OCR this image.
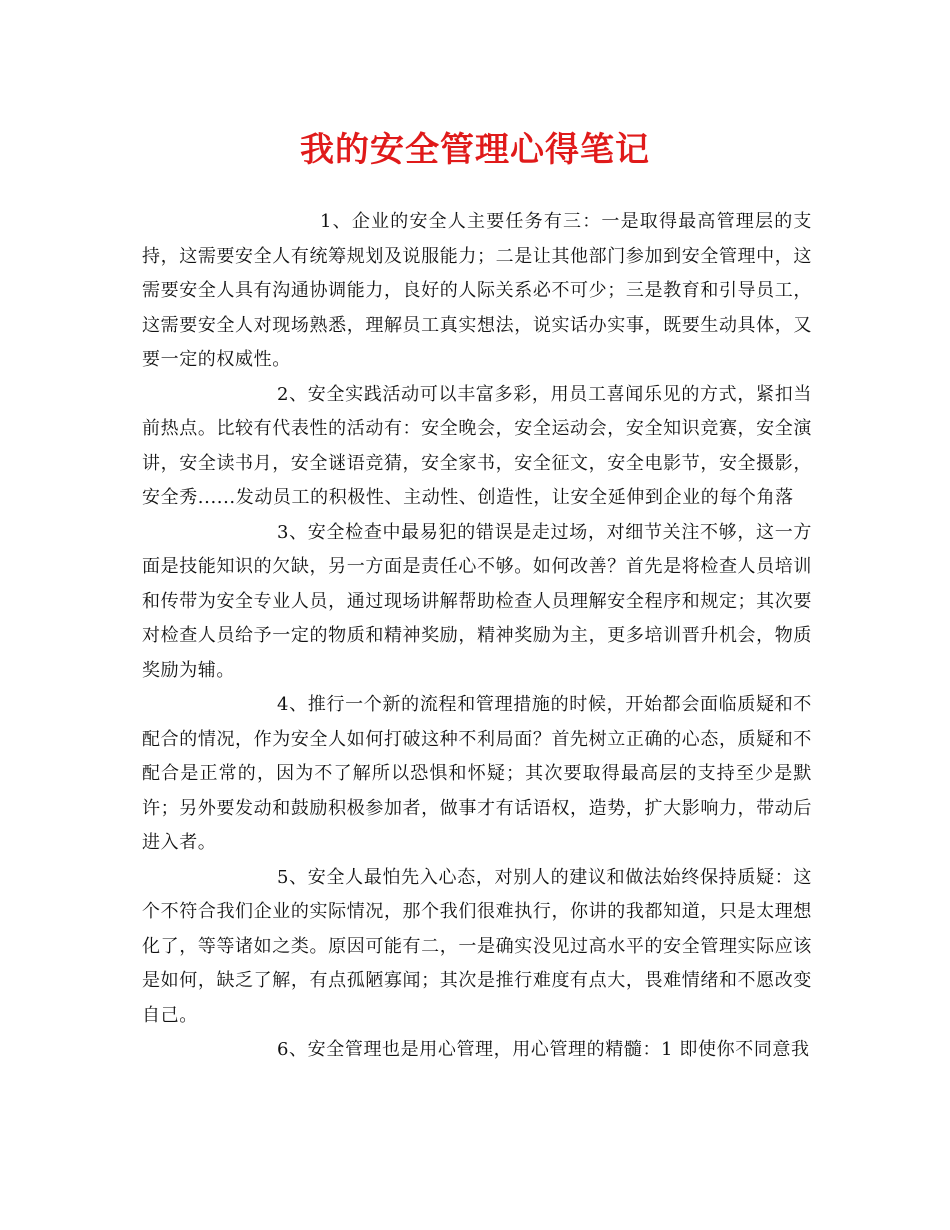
我的安全管理心得笔记

1、企业的安全人主要任务有三：一是取得最高管理层的支持，这需要安全人有统筹规划及说服能力；二是让其他部门参加到安全管理中，这需要安全人具有沟通协调能力，良好的人际关系必不可少；三是教育和引导员工，这需要安全人对现场熟悉，理解员工真实想法，说实话办实事，既要生动具体，又要一定的权威性。

2、安全实践活动可以丰富多彩，用员工喜闻乐见的方式，紧扣当前热点。比较有代表性的活动有：安全晚会，安全运动会，安全知识竞赛，安全演讲，安全读书月，安全谜语竞猜，安全家书，安全征文，安全电影节，安全摄影，安全秀......发动员工的积极性、主动性、创造性，让安全延伸到企业的每个角落

3、安全检查中最易犯的错误是走过场，对细节关注不够，这一方面是技能知识的欠缺，另一方面是责任心不够。如何改善？首先是将检查人员培训和传带为安全专业人员，通过现场讲解帮助检查人员理解安全程序和规定；其次要对检查人员给予一定的物质和精神奖励，精神奖励为主，更多培训晋升机会，物质奖励为辅。

4、推行一个新的流程和管理措施的时候，开始都会面临质疑和不配合的情况，作为安全人如何打破这种不利局面？首先树立正确的心态，质疑和不配合是正常的，因为不了解所以恐惧和怀疑；其次要取得最高层的支持至少是默许；另外要发动和鼓励积极参加者，做事才有话语权，造势，扩大影响力，带动后进入者。

5、安全人最怕先入心态，对别人的建议和做法始终保持质疑：这个不符合我们企业的实际情况，那个我们很难执行，你讲的我都知道，只是太理想化了，等等诸如之类。原因可能有二，一是确实没见过高水平的安全管理实际应该是如何，缺乏了解，有点孤陋寡闻；其次是推行难度有点大，畏难情绪和不愿改变自己。

6、安全管理也是用心管理，用心管理的精髓：1 即使你不同意我
